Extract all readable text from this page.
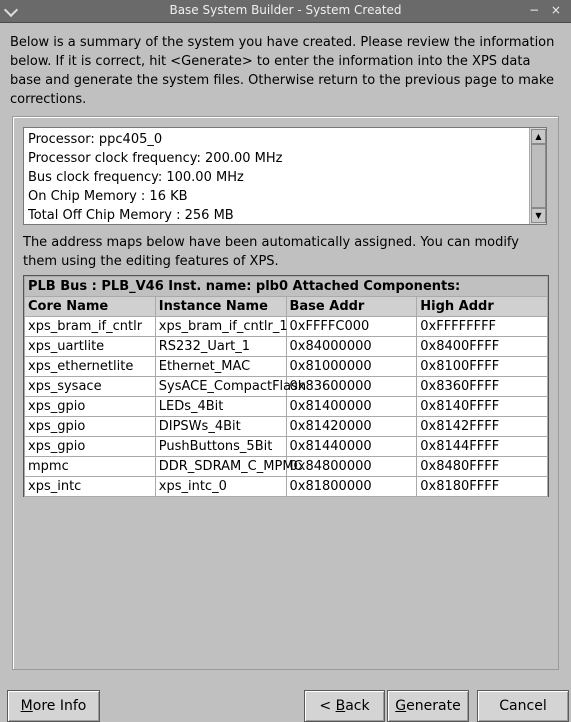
Base System Builder - System Created	− ×
Below is a summary of the system you have created. Please review the information below. If it is correct, hit <Generate> to enter the information into the XPS data base and generate the system files. Otherwise return to the previous page to make corrections.
Processor: ppc405_0
Processor clock frequency: 200.00 MHz
Bus clock frequency: 100.00 MHz
On Chip Memory : 16 KB
Total Off Chip Memory : 256 MB
▲
▼
The address maps below have been automatically assigned. You can modify them using the editing features of XPS.
PLB Bus : PLB_V46 Inst. name: plb0 Attached Components:			
Core Name	Instance Name	Base Addr	High Addr

xps_bram_if_cntlr	xps_bram_if_cntlr_1	0xFFFFC000	0xFFFFFFFF

xps_uartlite	RS232_Uart_1	0x84000000	0x8400FFFF

xps_ethernetlite	Ethernet_MAC	0x81000000	0x8100FFFF

xps_sysace	SysACE_CompactFlash	0x83600000	0x8360FFFF

xps_gpio	LEDs_4Bit	0x81400000	0x8140FFFF

xps_gpio	DIPSWs_4Bit	0x81420000	0x8142FFFF

xps_gpio	PushButtons_5Bit	0x81440000	0x8144FFFF

mpmc	DDR_SDRAM_C_MPMC	0x84800000	0x8480FFFF

xps_intc	xps_intc_0	0x81800000	0x8180FFFF
More Info	< Back	Generate	Cancel
